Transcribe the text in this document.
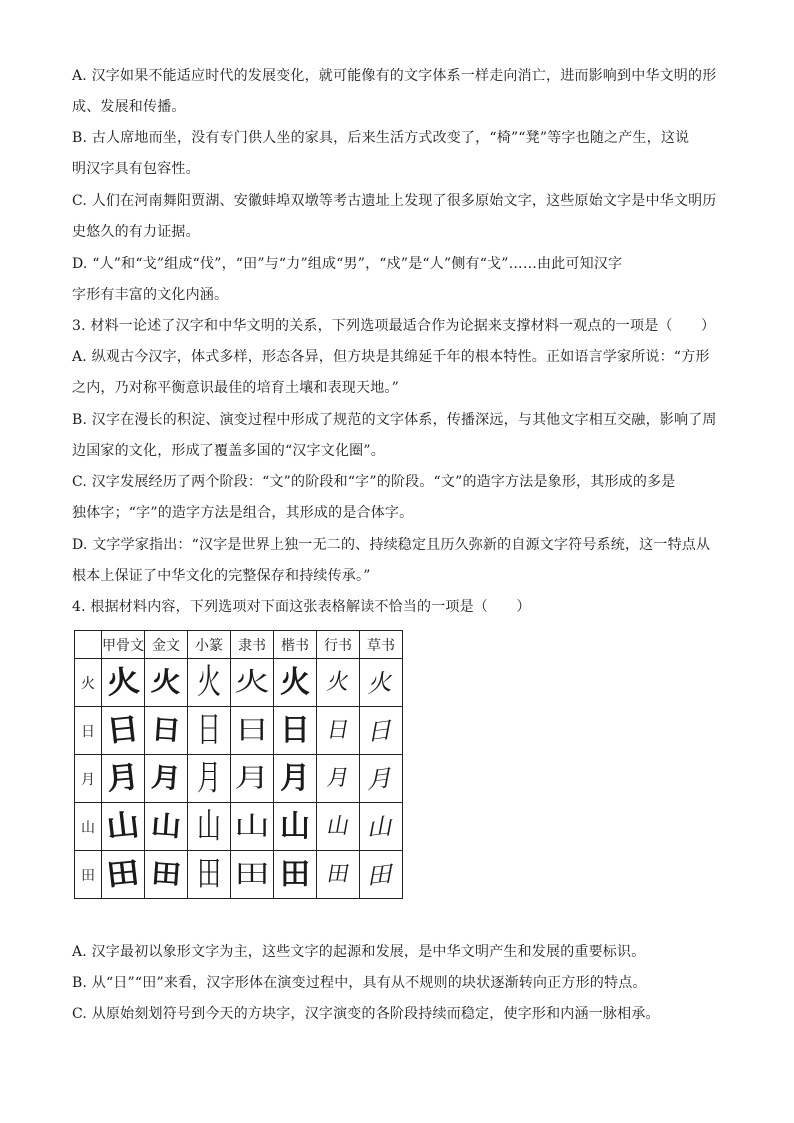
A. 汉字如果不能适应时代的发展变化，就可能像有的文字体系一样走向消亡，进而影响到中华文明的形
成、发展和传播。
B. 古人席地而坐，没有专门供人坐的家具，后来生活方式改变了，“椅”“凳”等字也随之产生，这说
明汉字具有包容性。
C. 人们在河南舞阳贾湖、安徽蚌埠双墩等考古遗址上发现了很多原始文字，这些原始文字是中华文明历
史悠久的有力证据。
D. “人”和“戈”组成“伐”，“田”与“力”组成“男”，“戍”是“人”侧有“戈”……由此可知汉字
字形有丰富的文化内涵。
3. 材料一论述了汉字和中华文明的关系，下列选项最适合作为论据来支撑材料一观点的一项是（　　）
A. 纵观古今汉字，体式多样，形态各异，但方块是其绵延千年的根本特性。正如语言学家所说：“方形
之内，乃对称平衡意识最佳的培育土壤和表现天地。”
B. 汉字在漫长的积淀、演变过程中形成了规范的文字体系，传播深远，与其他文字相互交融，影响了周
边国家的文化，形成了覆盖多国的“汉字文化圈”。
C. 汉字发展经历了两个阶段：“文”的阶段和“字”的阶段。“文”的造字方法是象形，其形成的多是
独体字；“字”的造字方法是组合，其形成的是合体字。
D. 文字学家指出：“汉字是世界上独一无二的、持续稳定且历久弥新的自源文字符号系统，这一特点从
根本上保证了中华文化的完整保存和持续传承。”
4. 根据材料内容，下列选项对下面这张表格解读不恰当的一项是（　　）
	甲骨文	金文	小篆	隶书	楷书	行书	草书
火	火	火	火	火	火	火	火
日	日	日	日	日	日	日	日
月	月	月	月	月	月	月	月
山	山	山	山	山	山	山	山
田	田	田	田	田	田	田	田
A. 汉字最初以象形文字为主，这些文字的起源和发展，是中华文明产生和发展的重要标识。
B. 从“日”“田”来看，汉字形体在演变过程中，具有从不规则的块状逐渐转向正方形的特点。
C. 从原始刻划符号到今天的方块字，汉字演变的各阶段持续而稳定，使字形和内涵一脉相承。
